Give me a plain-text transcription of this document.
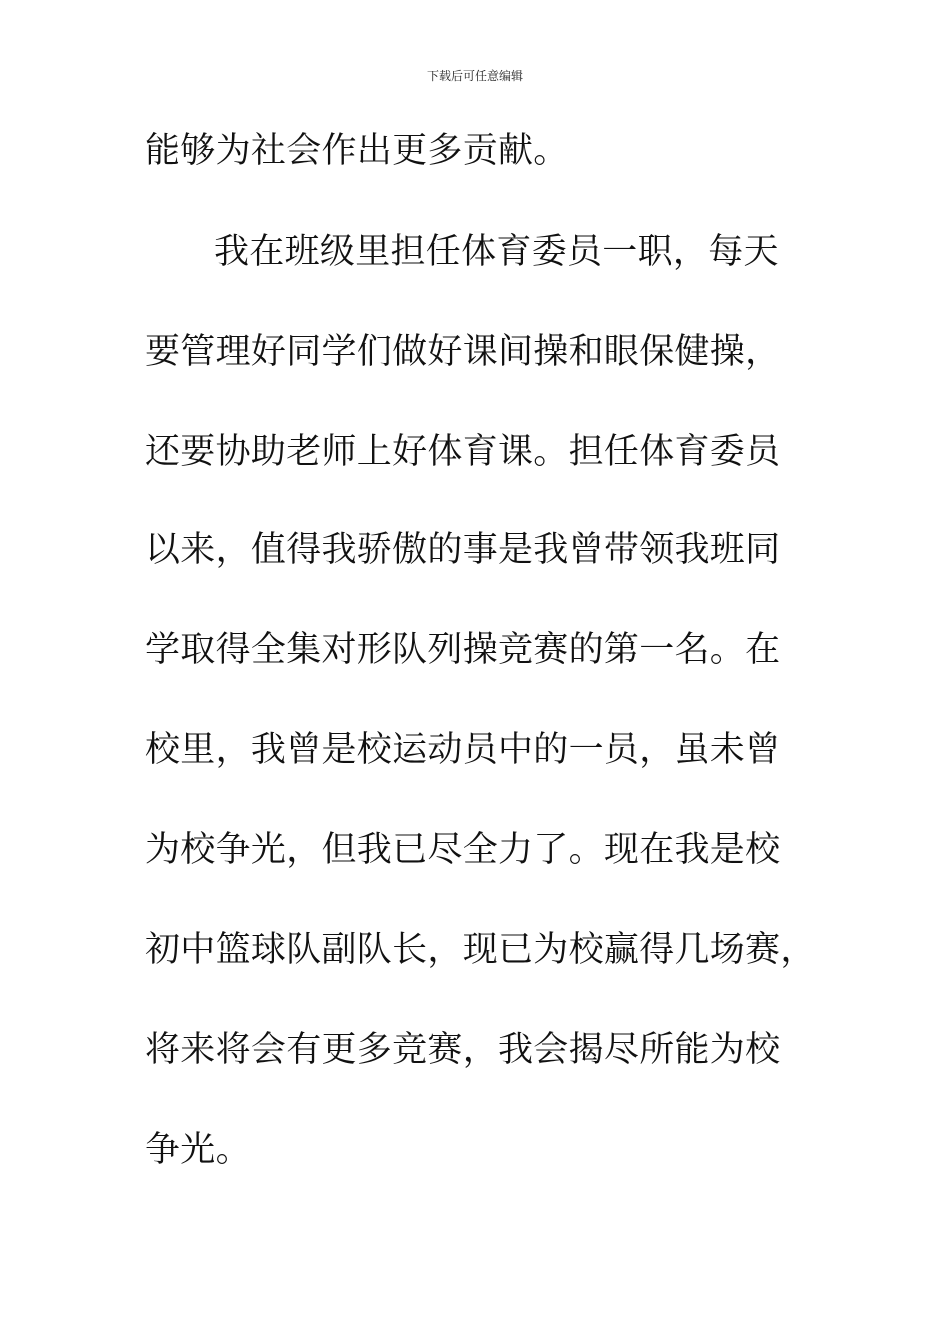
下载后可任意编辑
能够为社会作出更多贡献。
我在班级里担任体育委员一职，每天
要管理好同学们做好课间操和眼保健操，
还要协助老师上好体育课。担任体育委员
以来，值得我骄傲的事是我曾带领我班同
学取得全集对形队列操竞赛的第一名。在
校里，我曾是校运动员中的一员，虽未曾
为校争光，但我已尽全力了。现在我是校
初中篮球队副队长，现已为校赢得几场赛，
将来将会有更多竞赛，我会揭尽所能为校
争光。
